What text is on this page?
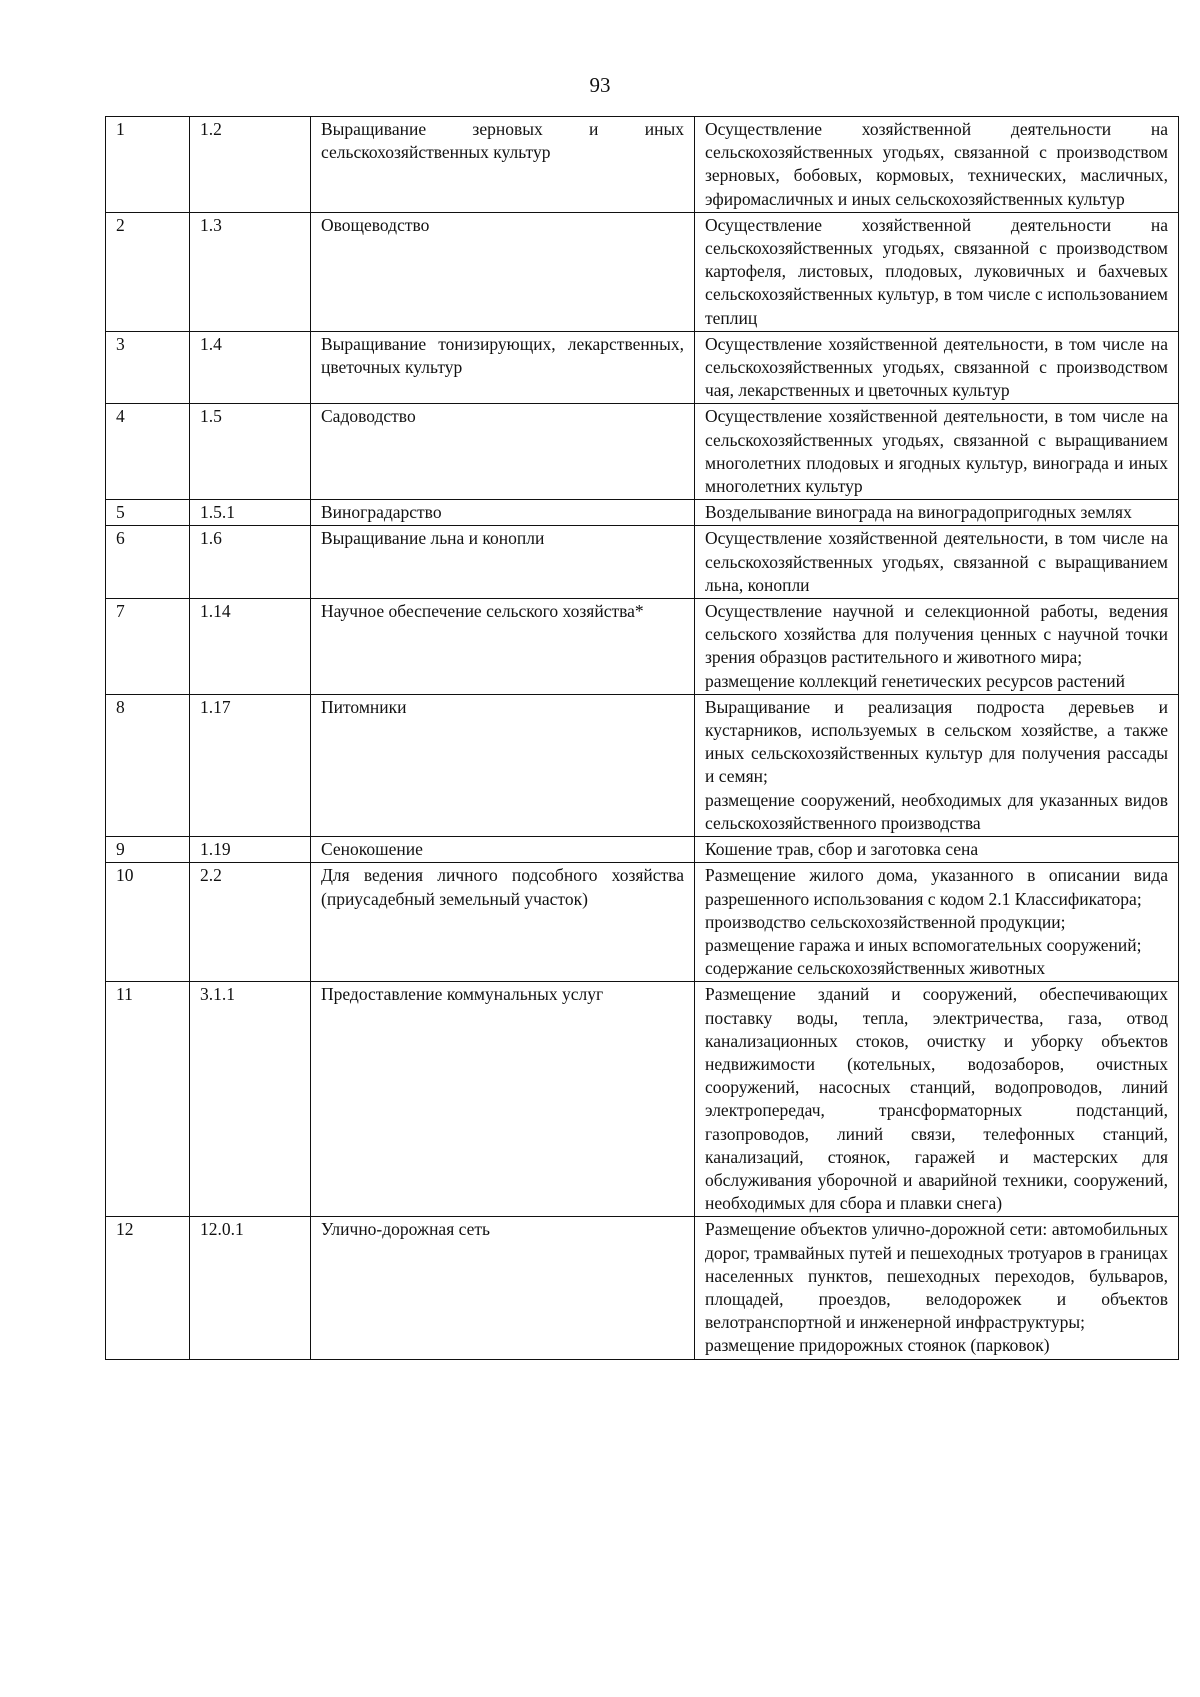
93
1	1.2	Выращивание зерновых и иных сельскохозяйственных культур	Осуществление хозяйственной деятельности на сельскохозяйственных угодьях, связанной с производством зерновых, бобовых, кормовых, технических, масличных, эфиромасличных и иных сельскохозяйственных культур

2	1.3	Овощеводство	Осуществление хозяйственной деятельности на сельскохозяйственных угодьях, связанной с производством картофеля, листовых, плодовых, луковичных и бахчевых сельскохозяйственных культур, в том числе с использованием теплиц

3	1.4	Выращивание тонизирующих, лекарственных, цветочных культур	Осуществление хозяйственной деятельности, в том числе на сельскохозяйственных угодьях, связанной с производством чая, лекарственных и цветочных культур

4	1.5	Садоводство	Осуществление хозяйственной деятельности, в том числе на сельскохозяйственных угодьях, связанной с выращиванием многолетних плодовых и ягодных культур, винограда и иных многолетних культур

5	1.5.1	Виноградарство	Возделывание винограда на виноградопригодных землях

6	1.6	Выращивание льна и конопли	Осуществление хозяйственной деятельности, в том числе на сельскохозяйственных угодьях, связанной с выращиванием льна, конопли

7	1.14	Научное обеспечение сельского хозяйства*	Осуществление научной и селекционной работы, ведения сельского хозяйства для получения ценных с научной точки зрения образцов растительного и животного мира;
размещение коллекций генетических ресурсов растений

8	1.17	Питомники	Выращивание и реализация подроста деревьев и кустарников, используемых в сельском хозяйстве, а также иных сельскохозяйственных культур для получения рассады и семян;
размещение сооружений, необходимых для указанных видов сельскохозяйственного производства

9	1.19	Сенокошение	Кошение трав, сбор и заготовка сена

10	2.2	Для ведения личного подсобного хозяйства (приусадебный земельный участок)	Размещение жилого дома, указанного в описании вида разрешенного использования с кодом 2.1 Классификатора;
производство сельскохозяйственной продукции;
размещение гаража и иных вспомогательных сооружений;
содержание сельскохозяйственных животных

11	3.1.1	Предоставление коммунальных услуг	Размещение зданий и сооружений, обеспечивающих поставку воды, тепла, электричества, газа, отвод канализационных стоков, очистку и уборку объектов недвижимости (котельных, водозаборов, очистных сооружений, насосных станций, водопроводов, линий электропередач, трансформаторных подстанций, газопроводов, линий связи, телефонных станций, канализаций, стоянок, гаражей и мастерских для обслуживания уборочной и аварийной техники, сооружений, необходимых для сбора и плавки снега)

12	12.0.1	Улично-дорожная сеть	Размещение объектов улично-дорожной сети: автомобильных дорог, трамвайных путей и пешеходных тротуаров в границах населенных пунктов, пешеходных переходов, бульваров, площадей, проездов, велодорожек и объектов велотранспортной и инженерной инфраструктуры;
размещение придорожных стоянок (парковок)
